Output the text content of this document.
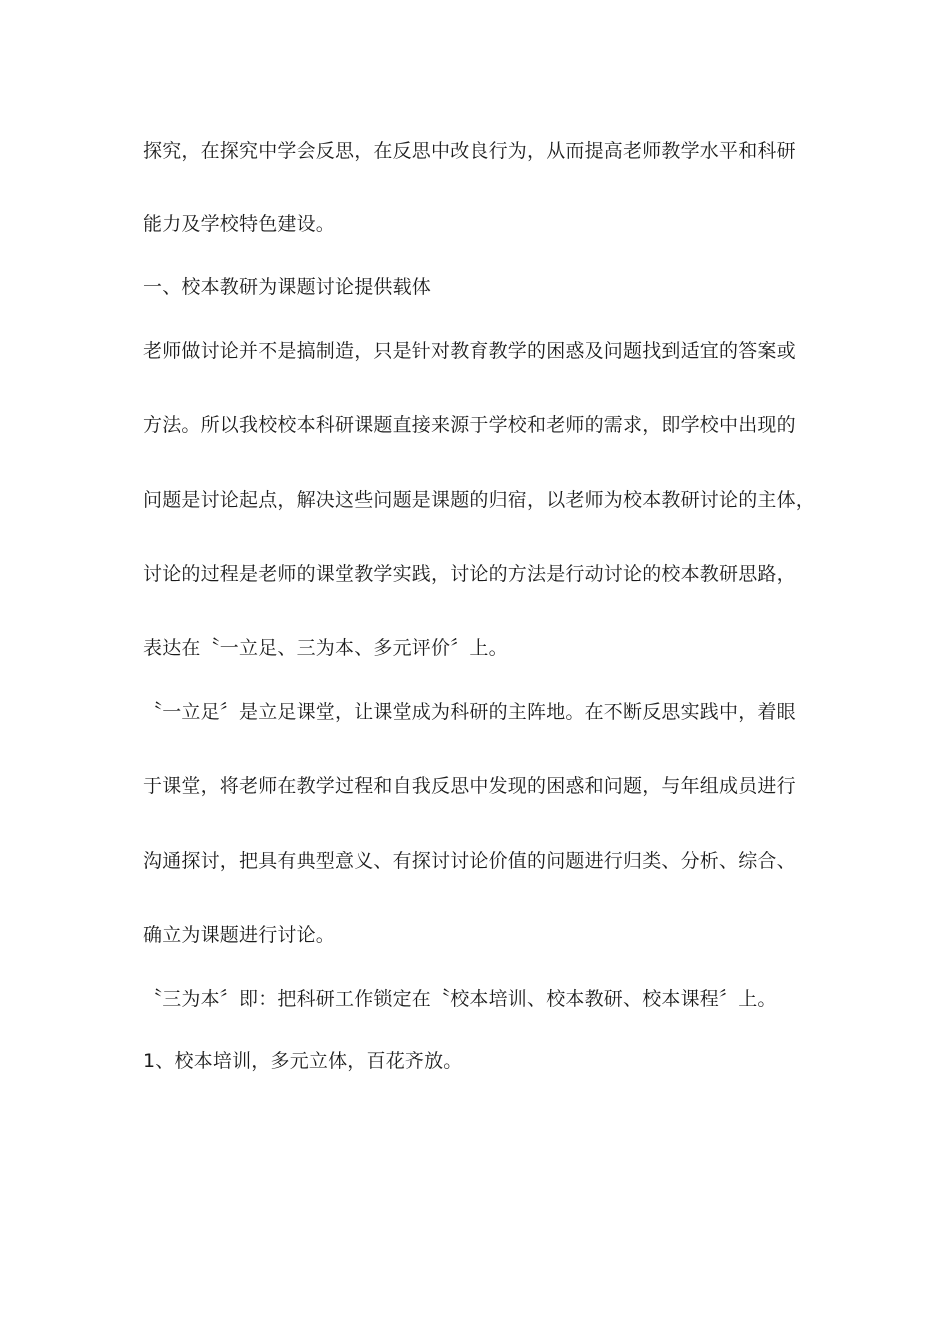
探究，在探究中学会反思，在反思中改良行为，从而提高老师教学水平和科研
能力及学校特色建设。
一、校本教研为课题讨论提供载体
老师做讨论并不是搞制造，只是针对教育教学的困惑及问题找到适宜的答案或
方法。所以我校校本科研课题直接来源于学校和老师的需求，即学校中出现的
问题是讨论起点，解决这些问题是课题的归宿，以老师为校本教研讨论的主体，
讨论的过程是老师的课堂教学实践，讨论的方法是行动讨论的校本教研思路，
表达在〝一立足、三为本、多元评价〞上。
〝一立足〞是立足课堂，让课堂成为科研的主阵地。在不断反思实践中，着眼
于课堂，将老师在教学过程和自我反思中发现的困惑和问题，与年组成员进行
沟通探讨，把具有典型意义、有探讨讨论价值的问题进行归类、分析、综合、
确立为课题进行讨论。
〝三为本〞即：把科研工作锁定在〝校本培训、校本教研、校本课程〞上。
1、校本培训，多元立体，百花齐放。
